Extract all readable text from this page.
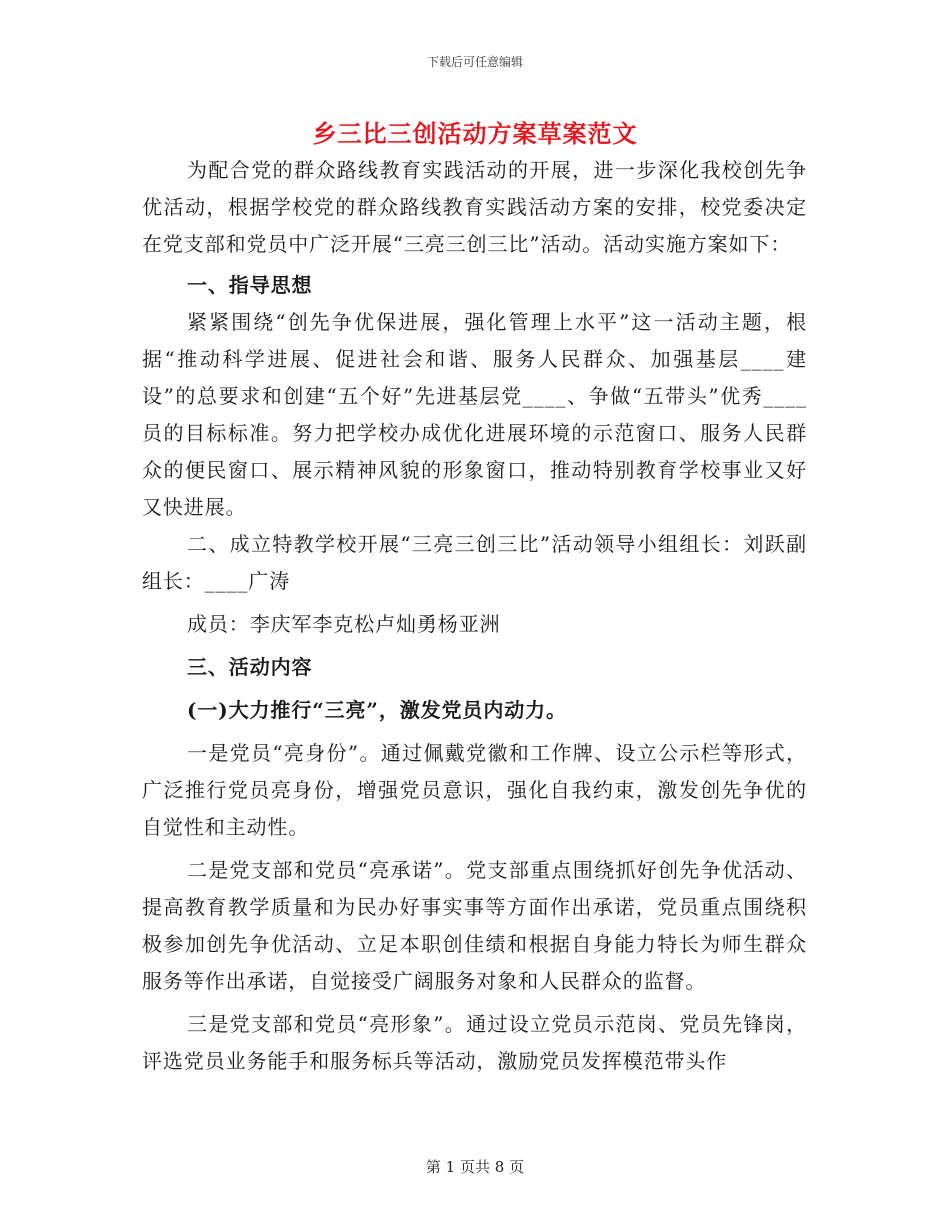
下载后可任意编辑
乡三比三创活动方案草案范文

为配合党的群众路线教育实践活动的开展，进一步深化我校创先争优活动，根据学校党的群众路线教育实践活动方案的安排，校党委决定在党支部和党员中广泛开展“三亮三创三比”活动。活动实施方案如下：

一、指导思想

紧紧围绕“创先争优保进展，强化管理上水平”这一活动主题，根据“推动科学进展、促进社会和谐、服务人民群众、加强基层____建设”的总要求和创建“五个好”先进基层党____、争做“五带头”优秀____员的目标标准。努力把学校办成优化进展环境的示范窗口、服务人民群众的便民窗口、展示精神风貌的形象窗口，推动特别教育学校事业又好又快进展。

二、成立特教学校开展“三亮三创三比”活动领导小组组长：刘跃副组长：____广涛

成员：李庆军李克松卢灿勇杨亚洲

三、活动内容

(一)大力推行“三亮”，激发党员内动力。

一是党员“亮身份”。通过佩戴党徽和工作牌、设立公示栏等形式，广泛推行党员亮身份，增强党员意识，强化自我约束，激发创先争优的自觉性和主动性。

二是党支部和党员“亮承诺”。党支部重点围绕抓好创先争优活动、提高教育教学质量和为民办好事实事等方面作出承诺，党员重点围绕积极参加创先争优活动、立足本职创佳绩和根据自身能力特长为师生群众服务等作出承诺，自觉接受广阔服务对象和人民群众的监督。

三是党支部和党员“亮形象”。通过设立党员示范岗、党员先锋岗，评选党员业务能手和服务标兵等活动，激励党员发挥模范带头作

第 1 页共 8 页
